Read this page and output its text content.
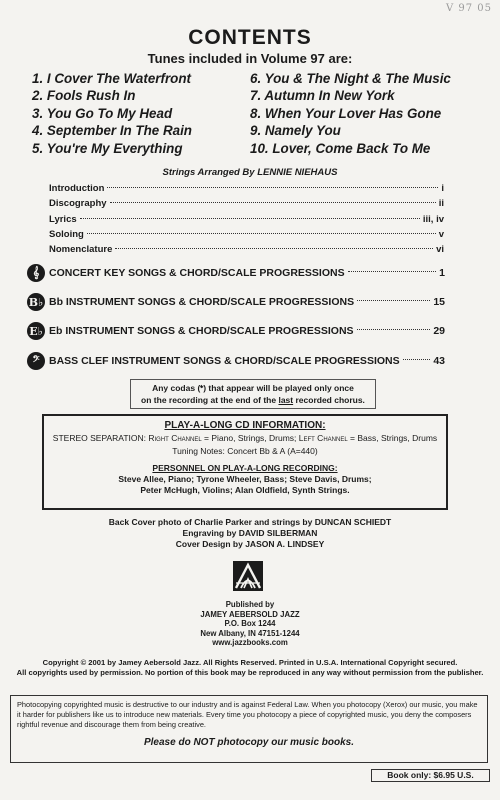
V 97 05
CONTENTS
Tunes included in Volume 97 are:
1. I Cover The Waterfront
2. Fools Rush In
3. You Go To My Head
4. September In The Rain
5. You're My Everything
6. You & The Night & The Music
7. Autumn In New York
8. When Your Lover Has Gone
9. Namely You
10. Lover, Come Back To Me
Strings Arranged By LENNIE NIEHAUS
Introduction	i
Discography	ii
Lyrics	iii, iv
Soloing	v
Nomenclature	vi
𝄞 CONCERT KEY SONGS & CHORD/SCALE PROGRESSIONS	1
B♭ Bb INSTRUMENT SONGS & CHORD/SCALE PROGRESSIONS	15
E♭ Eb INSTRUMENT SONGS & CHORD/SCALE PROGRESSIONS	29
𝄢 BASS CLEF INSTRUMENT SONGS & CHORD/SCALE PROGRESSIONS	43
Any codas (𝄌) that appear will be played only once
on the recording at the end of the last recorded chorus.
PLAY-A-LONG CD INFORMATION:
STEREO SEPARATION: Right Channel = Piano, Strings, Drums; Left Channel = Bass, Strings, Drums
Tuning Notes: Concert Bb & A (A=440)
PERSONNEL ON PLAY-A-LONG RECORDING:
Steve Allee, Piano; Tyrone Wheeler, Bass; Steve Davis, Drums;
Peter McHugh, Violins; Alan Oldfield, Synth Strings.
Back Cover photo of Charlie Parker and strings by DUNCAN SCHIEDT
Engraving by DAVID SILBERMAN
Cover Design by JASON A. LINDSEY
Published by
JAMEY AEBERSOLD JAZZ
P.O. Box 1244
New Albany, IN 47151-1244
www.jazzbooks.com
Copyright © 2001 by Jamey Aebersold Jazz. All Rights Reserved. Printed in U.S.A. International Copyright secured.
All copyrights used by permission. No portion of this book may be reproduced in any way without permission from the publisher.
Photocopying copyrighted music is destructive to our industry and is against Federal Law. When you photocopy (Xerox) our music, you make it harder for publishers like us to introduce new materials. Every time you photocopy a piece of copyrighted music, you deny the composers rightful revenue and discourage them from being creative.
Please do NOT photocopy our music books.
Book only: $6.95 U.S.
